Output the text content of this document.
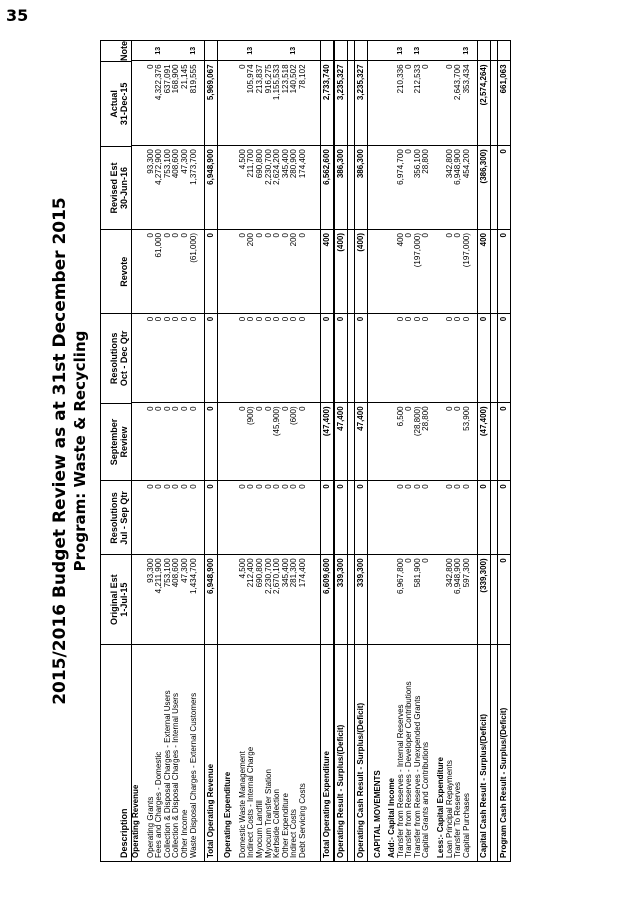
35
2015/2016 Budget Review as at 31st December 2015 Program: Waste & Recycling
Description
Original Est
1-Jul-15
Resolutions
Jul - Sep Qtr
September
Review
Resolutions
Oct - Dec Qtr
Revote
Revised Est
30-Jun-16
Actual
31-Dec-15
Note
Operating Revenue Operating Grants
93,300
0
0
0
0
93,300
0
Fees and Charges - Domestic
4,211,900
0
0
0
61,000
4,272,900
4,322,376
13
Collection & Disposal Charges - External Users
753,100
0
0
0
0
753,100
637,091
Collection & Disposal Charges - Internal Users
408,600
0
0
0
0
408,600
168,900
Other Income
47,300
0
0
0
0
47,300
21,145
Waste Disposal Charges - External Customers
1,434,700
0
0
0
(61,000)
1,373,700
819,555
13
Total Operating Revenue
6,948,900
0
0
0
0
6,948,900
5,969,067
Operating Expenditure Domestic Waste Management
4,500
0
0
0
0
4,500
0
Indirect Costs - Internal Charge
212,400
0
(900)
0
200
211,700
105,974
13
Myocum Landfill
690,800
0
0
0
0
690,800
213,837
Myocum Transfer Station
2,230,700
0
0
0
0
2,230,700
916,275
Kerbside Collection
2,670,100
0
(45,900)
0
0
2,624,200
1,155,533
Other Expenditure
345,400
0
0
0
0
345,400
123,518
Indirect Costs
281,300
0
(600)
0
200
280,900
140,502
13
Debt Servicing Costs
174,400
0
0
0
0
174,400
78,102
Total Operating Expenditure
6,609,600
0
(47,400)
0
400
6,562,600
2,733,740
Operating Result - Surplus/(Deficit)
339,300
0
47,400
0
(400)
386,300
3,235,327
Operating Cash Result - Surplus/(Deficit)
339,300
0
47,400
0
(400)
386,300
3,235,327
CAPITAL MOVEMENTS Add:- Capital Income Transfer from Reserves - Internal Reserves
6,967,800
0
6,500
0
400
6,974,700
210,336
13
Transfer from Reserves - Developer Contributions
0
0
0
0
0
0
0
Transfer from Reserves - Unexpended Grants
581,900
0
(28,800)
0
(197,000)
356,100
212,533
13
Capital Grants and Contributions
0
0
28,800
0
0
28,800
0
Less:- Capital Expenditure Loan Principal Repayments
342,800
0
0
0
0
342,800
0
Transfer To Reserves
6,948,900
0
0
0
0
6,948,900
2,643,700
Capital Purchases
597,300
0
53,900
0
(197,000)
454,200
353,434
13
Capital Cash Result - Surplus/(Deficit)
(339,300)
0
(47,400)
0
400
(386,300)
(2,574,264)
Program Cash Result - Surplus/(Deficit)
0
0
0
0
0
0
661,063
